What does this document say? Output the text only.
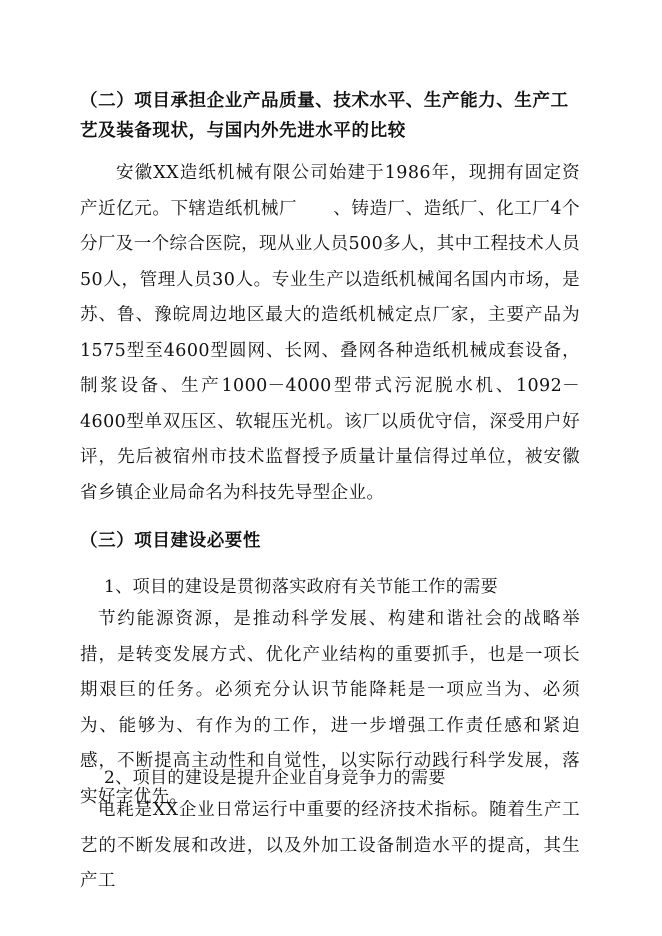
（二）项目承担企业产品质量、技术水平、生产能力、生产工艺及装备现状，与国内外先进水平的比较
安徽XX造纸机械有限公司始建于1986年，现拥有固定资产近亿元。下辖造纸机械厂　　、铸造厂、造纸厂、化工厂4个分厂及一个综合医院，现从业人员500多人，其中工程技术人员50人，管理人员30人。专业生产以造纸机械闻名国内市场，是苏、鲁、豫皖周边地区最大的造纸机械定点厂家，主要产品为1575型至4600型圆网、长网、叠网各种造纸机械成套设备，制浆设备、生产1000－4000型带式污泥脱水机、1092－4600型单双压区、软辊压光机。该厂以质优守信，深受用户好评，先后被宿州市技术监督授予质量计量信得过单位，被安徽省乡镇企业局命名为科技先导型企业。
（三）项目建设必要性
1、项目的建设是贯彻落实政府有关节能工作的需要
节约能源资源，是推动科学发展、构建和谐社会的战略举措，是转变发展方式、优化产业结构的重要抓手，也是一项长期艰巨的任务。必须充分认识节能降耗是一项应当为、必须为、能够为、有作为的工作，进一步增强工作责任感和紧迫感，不断提高主动性和自觉性，以实际行动践行科学发展，落实好字优先。
2、项目的建设是提升企业自身竞争力的需要
电耗是XX企业日常运行中重要的经济技术指标。随着生产工艺的不断发展和改进，以及外加工设备制造水平的提高，其生产工
